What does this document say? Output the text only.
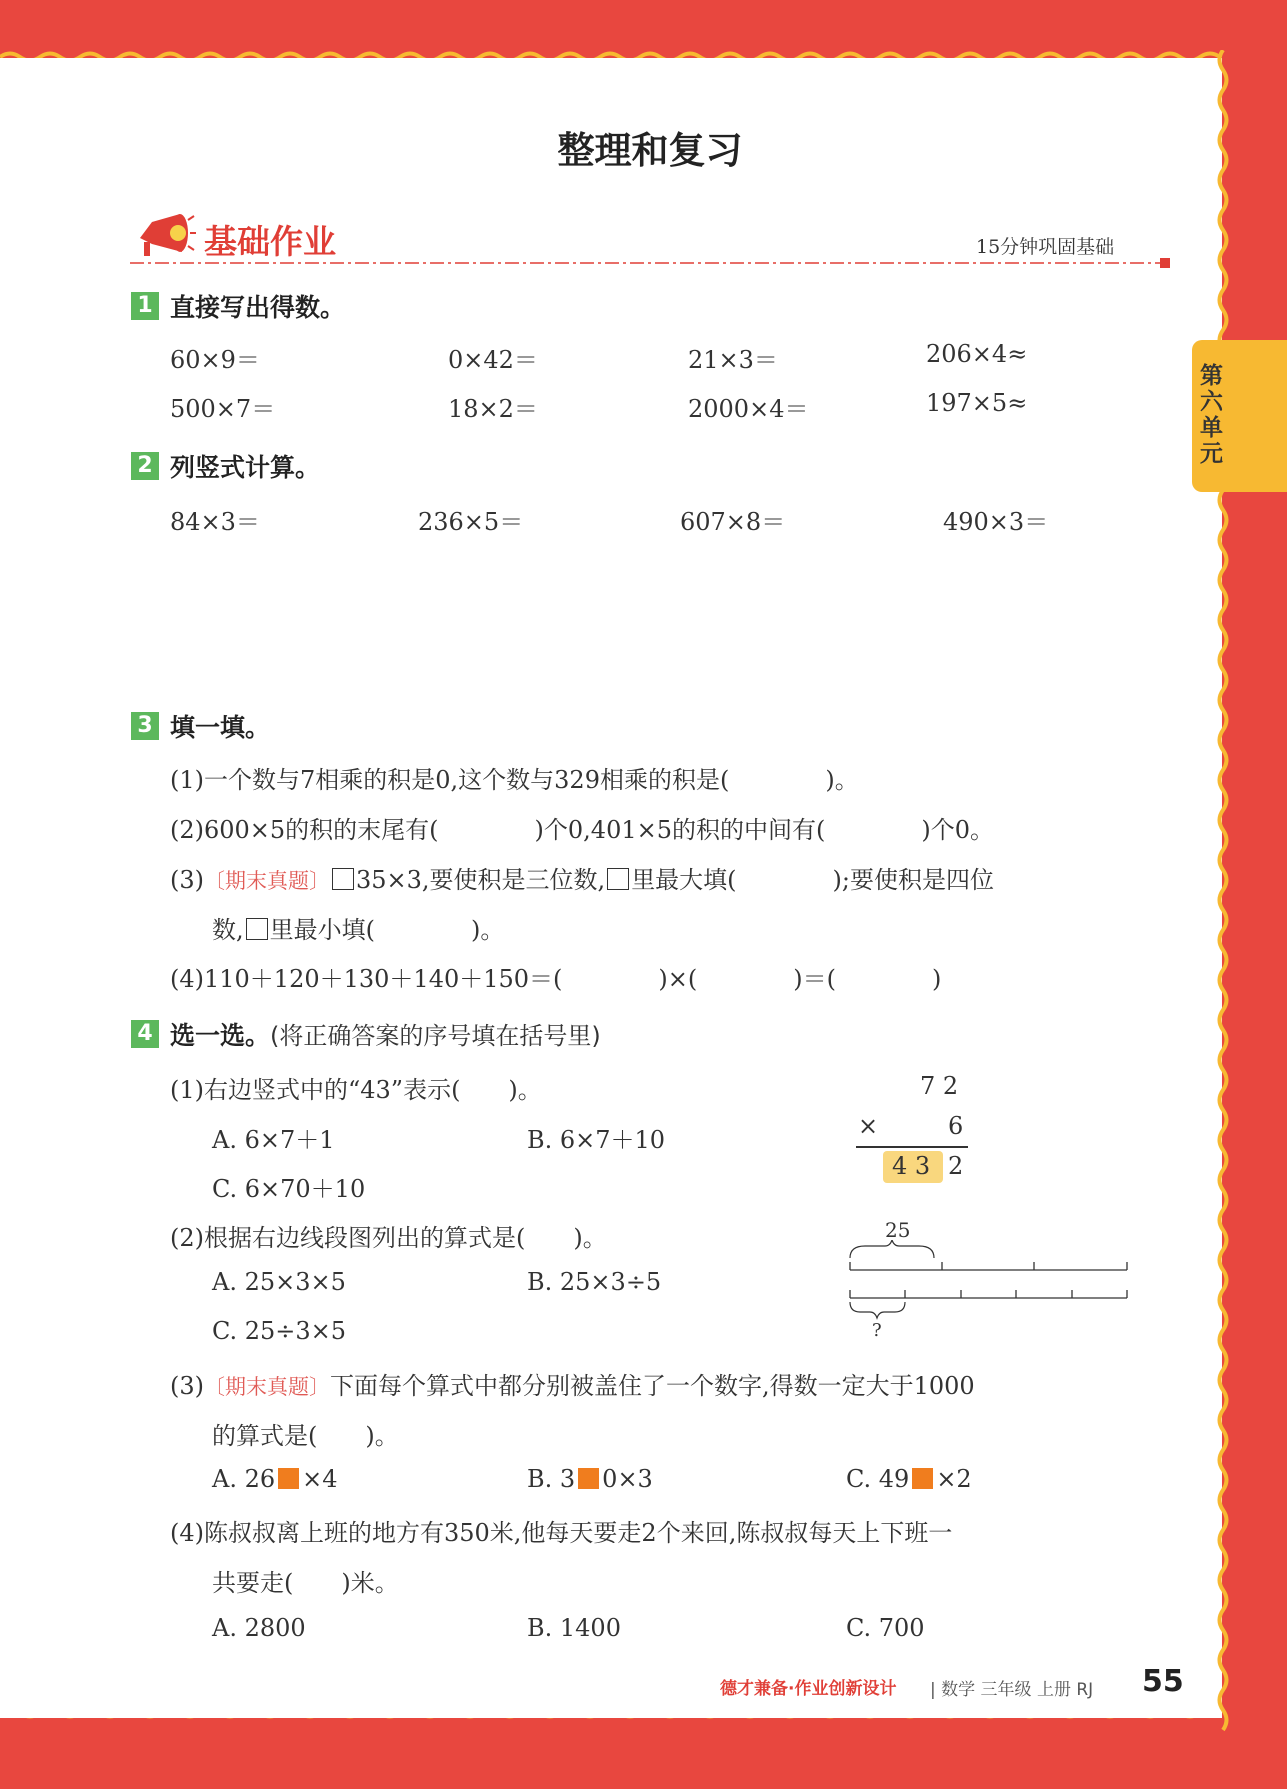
第六单元
整理和复习
基础作业	15分钟巩固基础
1 直接写出得数。
60×9＝	0×42＝	21×3＝	206×4≈
500×7＝	18×2＝	2000×4＝	197×5≈
2 列竖式计算。
84×3＝	236×5＝	607×8＝	490×3＝
3 填一填。
(1)一个数与7相乘的积是0,这个数与329相乘的积是(　　　　)。
(2)600×5的积的末尾有(　　　　)个0,401×5的积的中间有(　　　　)个0。
(3)〔期末真题〕 35×3,要使积是三位数, 里最大填(　　　　);要使积是四位
数, 里最小填(　　　　)。
(4)110＋120＋130＋140＋150＝(　　　　)×(　　　　)＝(　　　　)
4 选一选。(将正确答案的序号填在括号里)
(1)右边竖式中的“43”表示(　　)。
A. 6×7＋1	B. 6×7＋10
C. 6×70＋10
7 2
×	6
4 3 2
(2)根据右边线段图列出的算式是(　　)。
A. 25×3×5	B. 25×3÷5
C. 25÷3×5
25
?
(3)〔期末真题〕下面每个算式中都分别被盖住了一个数字,得数一定大于1000
的算式是(　　)。
A. 26 ×4	B. 3 0×3	C. 49 ×2
(4)陈叔叔离上班的地方有350米,他每天要走2个来回,陈叔叔每天上下班一
共要走(　　)米。
A. 2800	B. 1400	C. 700
德才兼备·作业创新设计 | 数学 三年级 上册 RJ 55
